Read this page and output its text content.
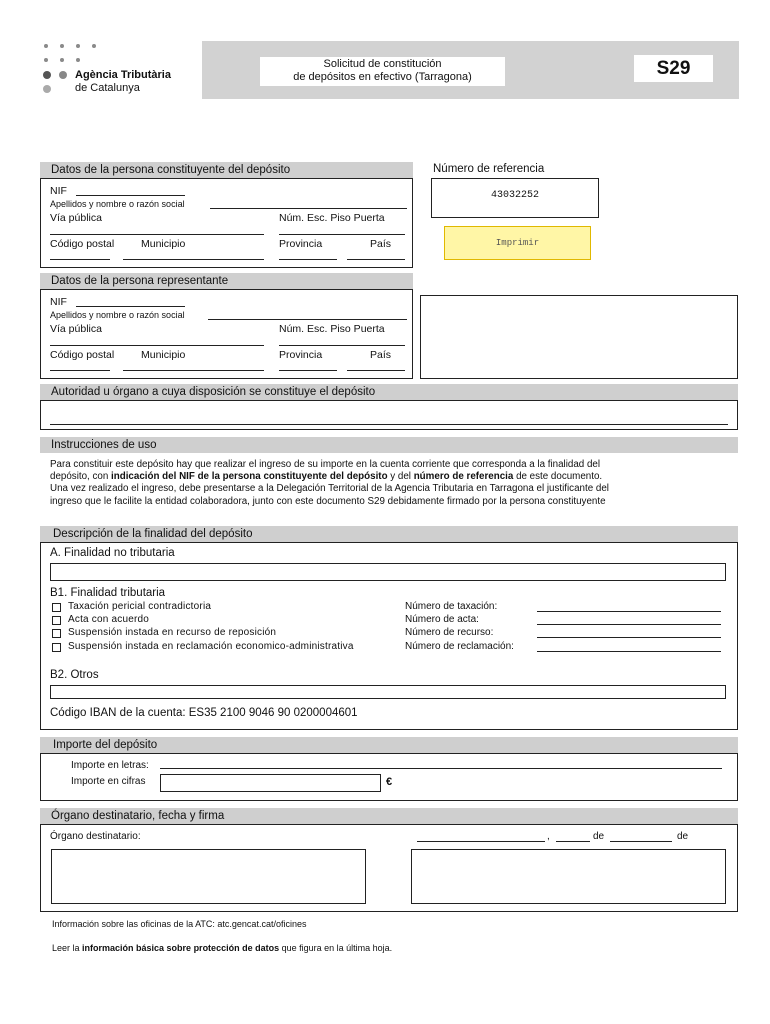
Agència Tributària
de Catalunya
Solicitud de constitución
de depósitos en efectivo (Tarragona)	S29
Datos de la persona constituyente del depósito
NIF
Apellidos y nombre o razón social
Vía pública	Núm. Esc. Piso Puerta
Código postal	Municipio	Provincia	País
Número de referencia
43032252
Imprimir
Datos de la persona representante
NIF
Apellidos y nombre o razón social
Vía pública	Núm. Esc. Piso Puerta
Código postal	Municipio	Provincia	País
Autoridad u órgano a cuya disposición se constituye el depósito
Instrucciones de uso
Para constituir este depósito hay que realizar el ingreso de su importe en la cuenta corriente que corresponda a la finalidad del
depósito, con indicación del NIF de la persona constituyente del depósito y del número de referencia de este documento.
Una vez realizado el ingreso, debe presentarse a la Delegación Territorial de la Agencia Tributaria en Tarragona el justificante del
ingreso que le facilite la entidad colaboradora, junto con este documento S29 debidamente firmado por la persona constituyente
Descripción de la finalidad del depósito
A. Finalidad no tributaria
B1. Finalidad tributaria
Taxación pericial contradictoria	Número de taxación:
Acta con acuerdo	Número de acta:
Suspensión instada en recurso de reposición	Número de recurso:
Suspensión instada en reclamación economico-administrativa	Número de reclamación:
B2. Otros
Código IBAN de la cuenta: ES35 2100 9046 90 0200004601
Importe del depósito
Importe en letras:
Importe en cifras	€
Órgano destinatario, fecha y firma
Órgano destinatario:	,	de	de
Información sobre las oficinas de la ATC: atc.gencat.cat/oficines
Leer la información básica sobre protección de datos que figura en la última hoja.
